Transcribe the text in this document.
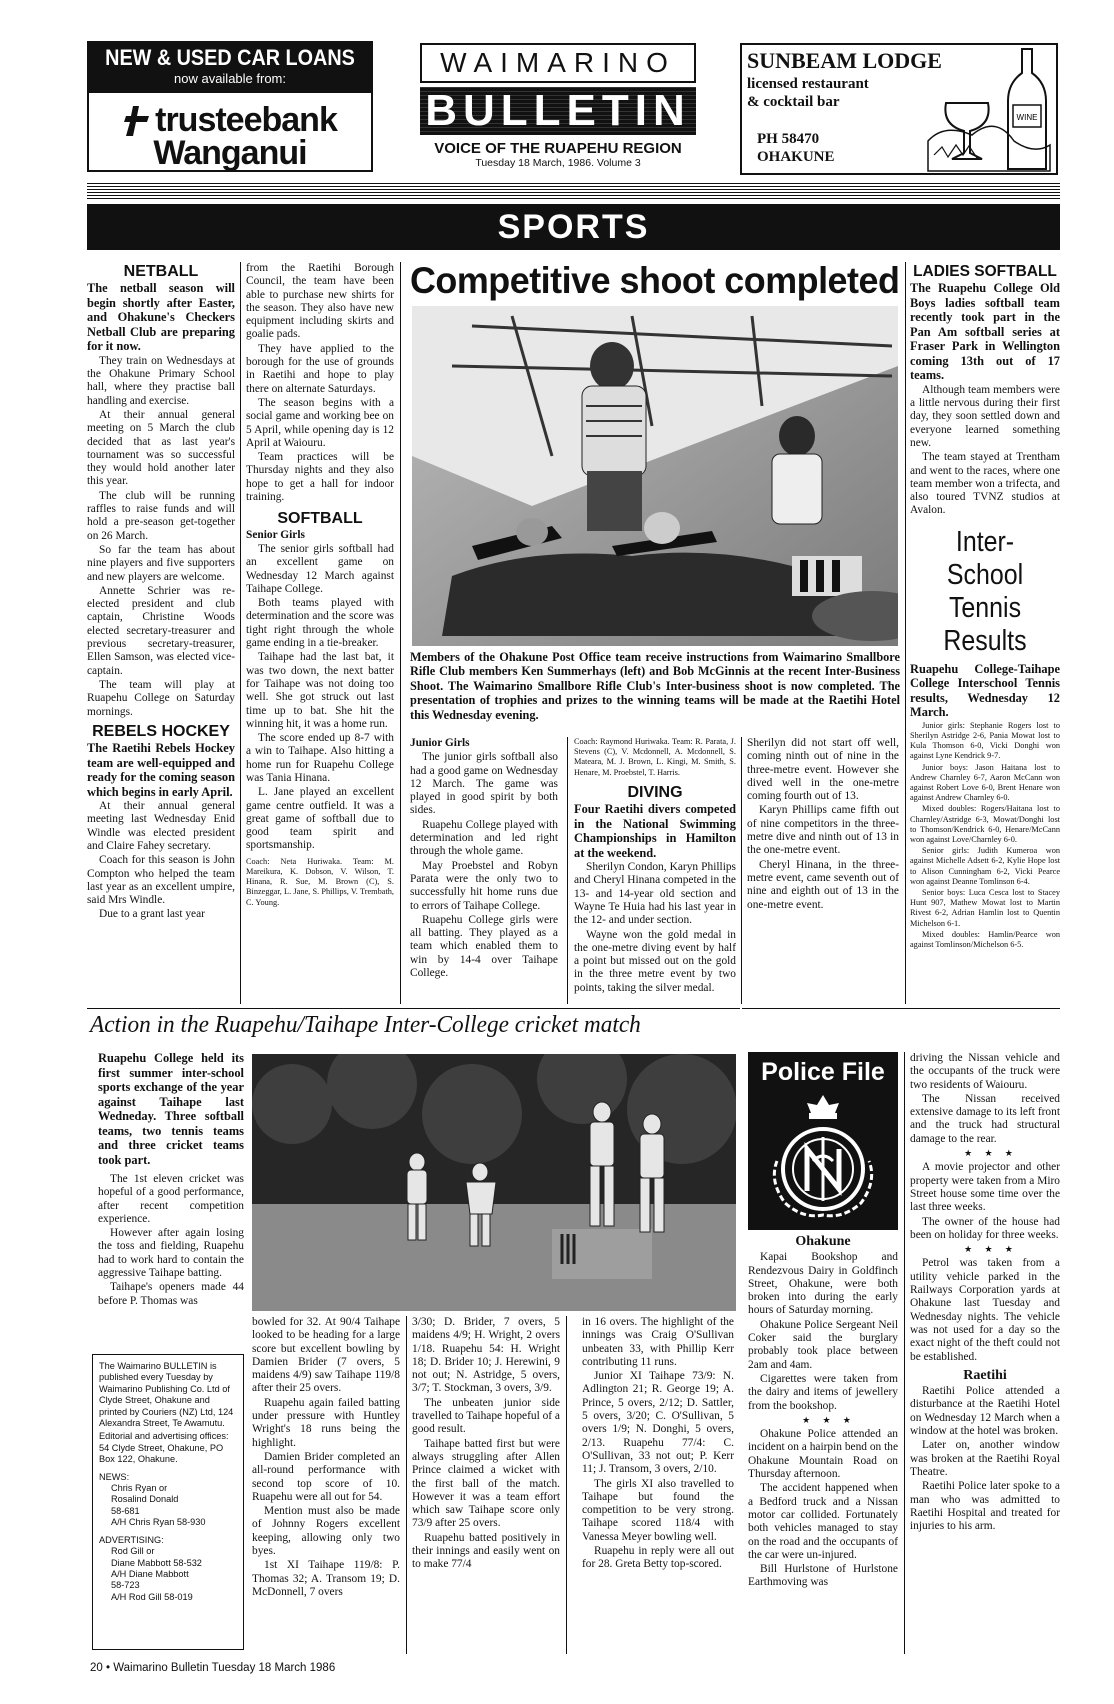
NEW & USED CAR LOANS
now available from:
trusteebank
Wanganui
WAIMARINO
BULLETIN
VOICE OF THE RUAPEHU REGION
Tuesday 18 March, 1986. Volume 3
SUNBEAM LODGE
licensed restaurant
& cocktail bar
PH 58470
OHAKUNE
WINE
SPORTS
NETBALL

The netball season will begin shortly after Easter, and Ohakune's Checkers Netball Club are preparing for it now.

They train on Wednesdays at the Ohakune Primary School hall, where they practise ball handling and exercise.

At their annual general meeting on 5 March the club decided that as last year's tournament was so successful they would hold another later this year.

The club will be running raffles to raise funds and will hold a pre-season get-together on 26 March.

So far the team has about nine players and five supporters and new players are welcome.

Annette Schrier was re-elected president and club captain, Christine Woods elected secretary-treasurer and previous secretary-treasurer, Ellen Samson, was elected vice-captain.

The team will play at Ruapehu College on Saturday mornings.

REBELS HOCKEY

The Raetihi Rebels Hockey team are well-equipped and ready for the coming season which begins in early April.

At their annual general meeting last Wednesday Enid Windle was elected president and Claire Fahey secretary.

Coach for this season is John Compton who helped the team last year as an excellent umpire, said Mrs Windle.

Due to a grant last year

from the Raetihi Borough Council, the team have been able to purchase new shirts for the season. They also have new equipment including skirts and goalie pads.

They have applied to the borough for the use of grounds in Raetihi and hope to play there on alternate Saturdays.

The season begins with a social game and working bee on 5 April, while opening day is 12 April at Waiouru.

Team practices will be Thursday nights and they also hope to get a hall for indoor training.

SOFTBALL

Senior Girls

The senior girls softball had an excellent game on Wednesday 12 March against Taihape College.

Both teams played with determination and the score was tight right through the whole game ending in a tie-breaker.

Taihape had the last bat, it was two down, the next batter for Taihape was not doing too well. She got struck out last time up to bat. She hit the winning hit, it was a home run.

The score ended up 8-7 with a win to Taihape. Also hitting a home run for Ruapehu College was Tania Hinana.

L. Jane played an excellent game centre outfield. It was a great game of softball due to good team spirit and sportsmanship.

Coach: Neta Huriwaka. Team: M. Mareikura, K. Dobson, V. Wilson, T. Hinana, R. Sue, M. Brown (C), S. Binzeggar, L. Jane, S. Phillips, V. Trembath, C. Young.

Competitive shoot completed

Members of the Ohakune Post Office team receive instructions from Waimarino Smallbore Rifle Club members Ken Summerhays (left) and Bob McGinnis at the recent Inter-Business Shoot. The Waimarino Smallbore Rifle Club's Inter-business shoot is now completed. The presentation of trophies and prizes to the winning teams will be made at the Raetihi Hotel this Wednesday evening.

Junior Girls

The junior girls softball also had a good game on Wednesday 12 March. The game was played in good spirit by both sides.

Ruapehu College played with determination and led right through the whole game.

May Proebstel and Robyn Parata were the only two to successfully hit home runs due to errors of Taihape College.

Ruapehu College girls were all batting. They played as a team which enabled them to win by 14-4 over Taihape College.

Coach: Raymond Huriwaka. Team: R. Parata, J. Stevens (C), V. Mcdonnell, A. Mcdonnell, S. Mateara, M. J. Brown, L. Kingi, M. Smith, S. Henare, M. Proebstel, T. Harris.

DIVING

Four Raetihi divers competed in the National Swimming Championships in Hamilton at the weekend.

Sherilyn Condon, Karyn Phillips and Cheryl Hinana competed in the 13- and 14-year old section and Wayne Te Huia had his last year in the 12- and under section.

Wayne won the gold medal in the one-metre diving event by half a point but missed out on the gold in the three metre event by two points, taking the silver medal.

Sherilyn did not start off well, coming ninth out of nine in the three-metre event. However she dived well in the one-metre coming fourth out of 13.

Karyn Phillips came fifth out of nine competitors in the three-metre dive and ninth out of 13 in the one-metre event.

Cheryl Hinana, in the three-metre event, came seventh out of nine and eighth out of 13 in the one-metre event.

LADIES SOFTBALL

The Ruapehu College Old Boys ladies softball team recently took part in the Pan Am softball series at Fraser Park in Wellington coming 13th out of 17 teams.

Although team members were a little nervous during their first day, they soon settled down and everyone learned something new.

The team stayed at Trentham and went to the races, where one team member won a trifecta, and also toured TVNZ studios at Avalon.

Inter-School Tennis Results

Ruapehu College-Taihape College Interschool Tennis results, Wednesday 12 March.

Junior girls: Stephanie Rogers lost to Sherilyn Astridge 2-6, Pania Mowat lost to Kula Thomson 6-0, Vicki Donghi won against Lyne Kendrick 9-7.

Junior boys: Jason Haitana lost to Andrew Charnley 6-7, Aaron McCann won against Robert Love 6-0, Brent Henare won against Andrew Charnley 6-0.

Mixed doubles: Rogers/Haitana lost to Charnley/Astridge 6-3, Mowat/Donghi lost to Thomson/Kendrick 6-0, Henare/McCann won against Love/Charnley 6-0.

Senior girls: Judith Kumeroa won against Michelle Adsett 6-2, Kylie Hope lost to Alison Cunningham 6-2, Vicki Pearce won against Deanne Tomlinson 6-4.

Senior boys: Luca Cesca lost to Stacey Hunt 907, Mathew Mowat lost to Martin Rivest 6-2, Adrian Hamlin lost to Quentin Michelson 6-1.

Mixed doubles: Hamlin/Pearce won against Tomlinson/Michelson 6-5.

Action in the Ruapehu/Taihape Inter-College cricket match

Ruapehu College held its first summer inter-school sports exchange of the year against Taihape last Wedneday. Three softball teams, two tennis teams and three cricket teams took part.

The 1st eleven cricket was hopeful of a good performance, after recent competition experience.

However after again losing the toss and fielding, Ruapehu had to work hard to contain the aggressive Taihape batting.

Taihape's openers made 44 before P. Thomas was

bowled for 32. At 90/4 Taihape looked to be heading for a large score but excellent bowling by Damien Brider (7 overs, 5 maidens 4/9) saw Taihape 119/8 after their 25 overs.

Ruapehu again failed batting under pressure with Huntley Wright's 18 runs being the highlight.

Damien Brider completed an all-round performance with second top score of 10. Ruapehu were all out for 54.

Mention must also be made of Johnny Rogers excellent keeping, allowing only two byes.

1st XI Taihape 119/8: P. Thomas 32; A. Transom 19; D. McDonnell, 7 overs

3/30; D. Brider, 7 overs, 5 maidens 4/9; H. Wright, 2 overs 1/18. Ruapehu 54: H. Wright 18; D. Brider 10; J. Herewini, 9 not out; N. Astridge, 5 overs, 3/7; T. Stockman, 3 overs, 3/9.

The unbeaten junior side travelled to Taihape hopeful of a good result.

Taihape batted first but were always struggling after Allen Prince claimed a wicket with the first ball of the match. However it was a team effort which saw Taihape score only 73/9 after 25 overs.

Ruapehu batted positively in their innings and easily went on to make 77/4

in 16 overs. The highlight of the innings was Craig O'Sullivan unbeaten 33, with Phillip Kerr contributing 11 runs.

Junior XI Taihape 73/9: N. Adlington 21; R. George 19; A. Prince, 5 overs, 2/12; D. Sattler, 5 overs, 3/20; C. O'Sullivan, 5 overs 1/9; N. Donghi, 5 overs, 2/13. Ruapehu 77/4: C. O'Sullivan, 33 not out; P. Kerr 11; J. Transom, 3 overs, 2/10.

The girls XI also travelled to Taihape but found the competition to be very strong. Taihape scored 118/4 with Vanessa Meyer bowling well.

Ruapehu in reply were all out for 28. Greta Betty top-scored.

The Waimarino BULLETIN is published every Tuesday by Waimarino Publishing Co. Ltd of Clyde Street, Ohakune and printed by Couriers (NZ) Ltd, 124 Alexandra Street, Te Awamutu.

Editorial and advertising offices: 54 Clyde Street, Ohakune, PO Box 122, Ohakune.

NEWS:

Chris Ryan or

Rosalind Donald

58-681

A/H Chris Ryan 58-930

ADVERTISING:

Rod Gill or

Diane Mabbott 58-532

A/H Diane Mabbott

58-723

A/H Rod Gill 58-019

Police File
Ohakune

Kapai Bookshop and Rendezvous Dairy in Goldfinch Street, Ohakune, were both broken into during the early hours of Saturday morning.

Ohakune Police Sergeant Neil Coker said the burglary probably took place between 2am and 4am.

Cigarettes were taken from the dairy and items of jewellery from the bookshop.

★ ★ ★

Ohakune Police attended an incident on a hairpin bend on the Ohakune Mountain Road on Thursday afternoon.

The accident happened when a Bedford truck and a Nissan motor car collided. Fortunately both vehicles managed to stay on the road and the occupants of the car were un-injured.

Bill Hurlstone of Hurlstone Earthmoving was

driving the Nissan vehicle and the occupants of the truck were two residents of Waiouru.

The Nissan received extensive damage to its left front and the truck had structural damage to the rear.

★ ★ ★

A movie projector and other property were taken from a Miro Street house some time over the last three weeks.

The owner of the house had been on holiday for three weeks.

★ ★ ★

Petrol was taken from a utility vehicle parked in the Railways Corporation yards at Ohakune last Tuesday and Wednesday nights. The vehicle was not used for a day so the exact night of the theft could not be established.

Raetihi

Raetihi Police attended a disturbance at the Raetihi Hotel on Wednesday 12 March when a window at the hotel was broken.

Later on, another window was broken at the Raetihi Royal Theatre.

Raetihi Police later spoke to a man who was admitted to Raetihi Hospital and treated for injuries to his arm.

20 • Waimarino Bulletin Tuesday 18 March 1986
